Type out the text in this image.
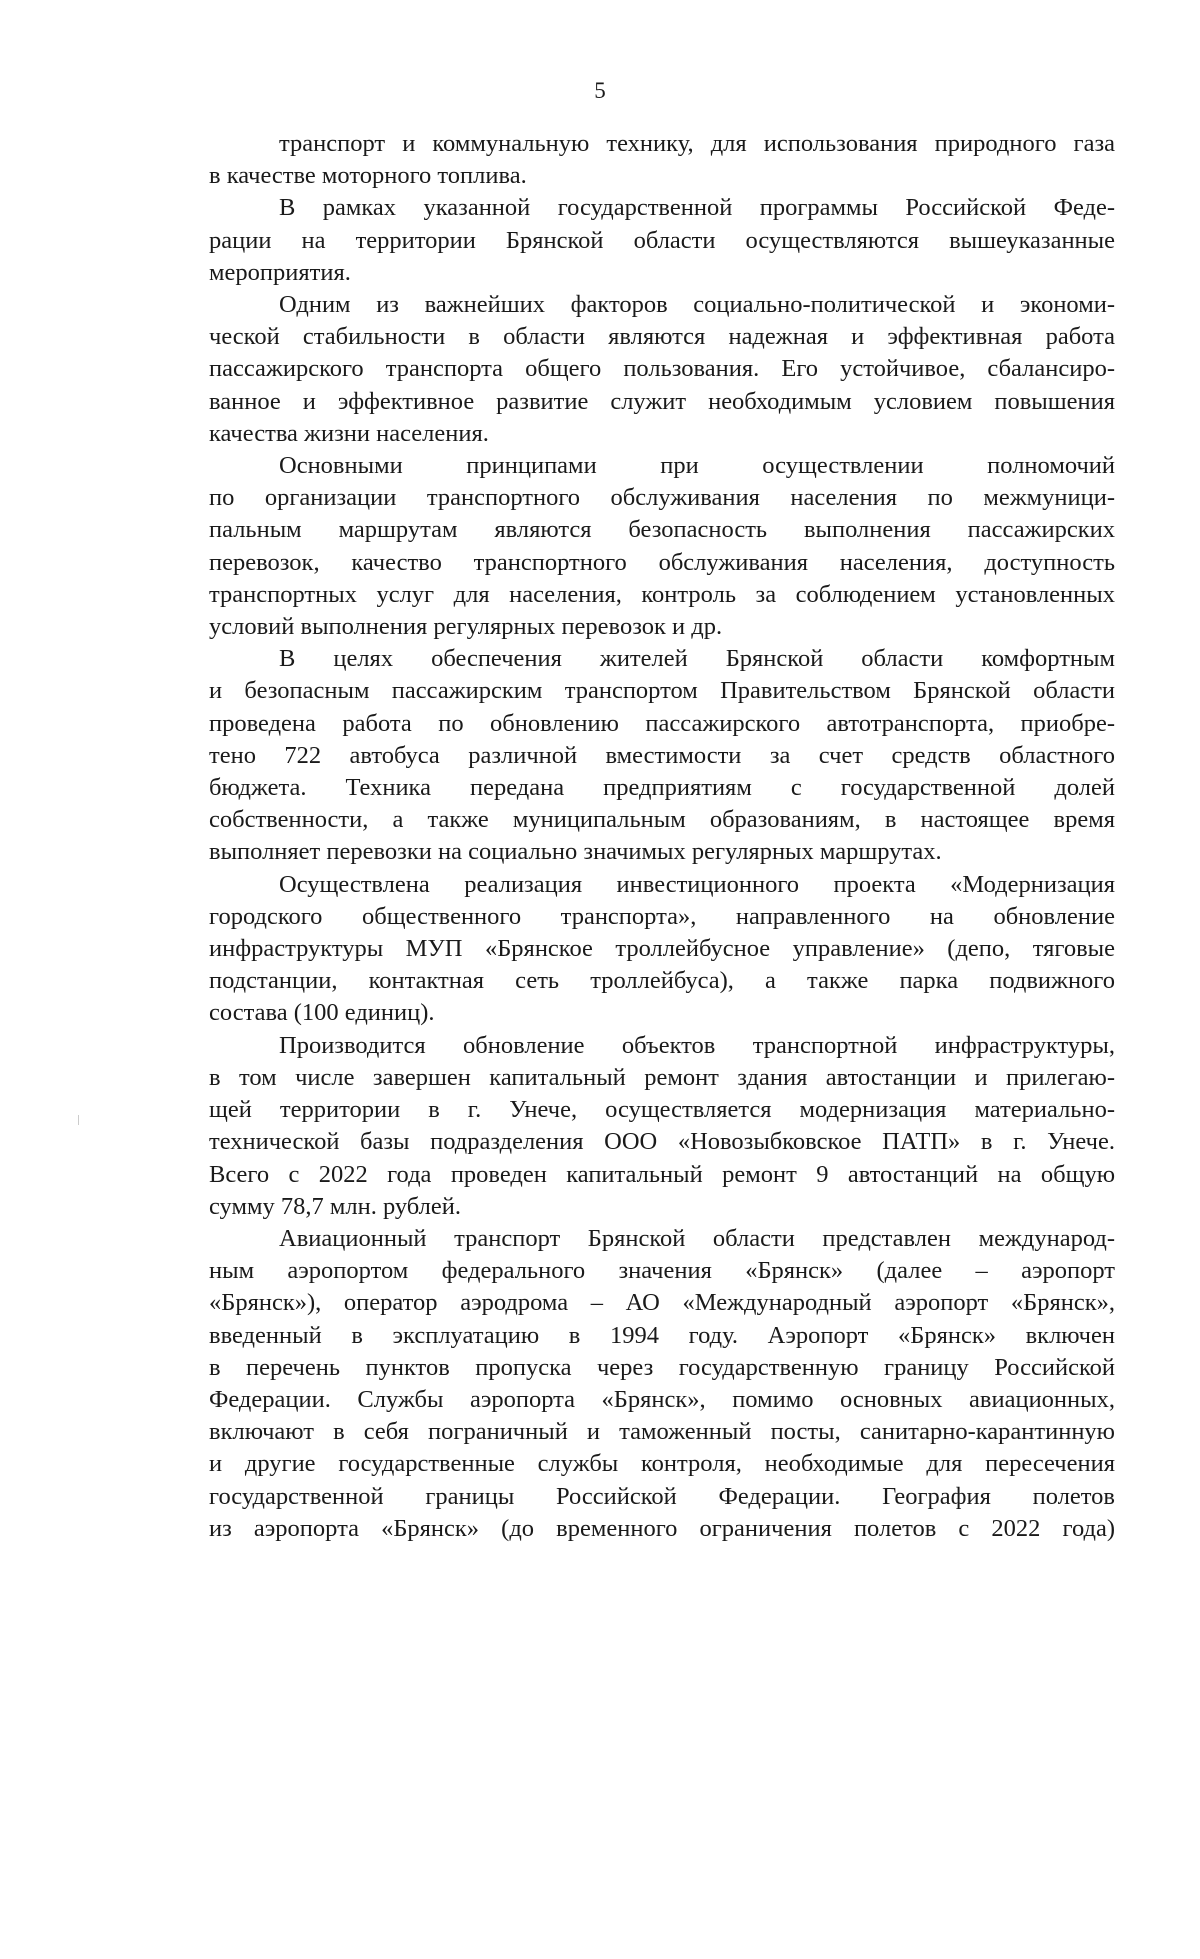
5
транспорт и коммунальную технику, для использования природного газа
в качестве моторного топлива.
В рамках указанной государственной программы Российской Феде-
рации на территории Брянской области осуществляются вышеуказанные
мероприятия.
Одним из важнейших факторов социально-политической и экономи-
ческой стабильности в области являются надежная и эффективная работа
пассажирского транспорта общего пользования. Его устойчивое, сбалансиро-
ванное и эффективное развитие служит необходимым условием повышения
качества жизни населения.
Основными принципами при осуществлении полномочий
по организации транспортного обслуживания населения по межмуници-
пальным маршрутам являются безопасность выполнения пассажирских
перевозок, качество транспортного обслуживания населения, доступность
транспортных услуг для населения, контроль за соблюдением установленных
условий выполнения регулярных перевозок и др.
В целях обеспечения жителей Брянской области комфортным
и безопасным пассажирским транспортом Правительством Брянской области
проведена работа по обновлению пассажирского автотранспорта, приобре-
тено 722 автобуса различной вместимости за счет средств областного
бюджета. Техника передана предприятиям с государственной долей
собственности, а также муниципальным образованиям, в настоящее время
выполняет перевозки на социально значимых регулярных маршрутах.
Осуществлена реализация инвестиционного проекта «Модернизация
городского общественного транспорта», направленного на обновление
инфраструктуры МУП «Брянское троллейбусное управление» (депо, тяговые
подстанции, контактная сеть троллейбуса), а также парка подвижного
состава (100 единиц).
Производится обновление объектов транспортной инфраструктуры,
в том числе завершен капитальный ремонт здания автостанции и прилегаю-
щей территории в г. Унече, осуществляется модернизация материально-
технической базы подразделения ООО «Новозыбковское ПАТП» в г. Унече.
Всего с 2022 года проведен капитальный ремонт 9 автостанций на общую
сумму 78,7 млн. рублей.
Авиационный транспорт Брянской области представлен международ-
ным аэропортом федерального значения «Брянск» (далее – аэропорт
«Брянск»), оператор аэродрома – АО «Международный аэропорт «Брянск»,
введенный в эксплуатацию в 1994 году. Аэропорт «Брянск» включен
в перечень пунктов пропуска через государственную границу Российской
Федерации. Службы аэропорта «Брянск», помимо основных авиационных,
включают в себя пограничный и таможенный посты, санитарно-карантинную
и другие государственные службы контроля, необходимые для пересечения
государственной границы Российской Федерации. География полетов
из аэропорта «Брянск» (до временного ограничения полетов с 2022 года)
